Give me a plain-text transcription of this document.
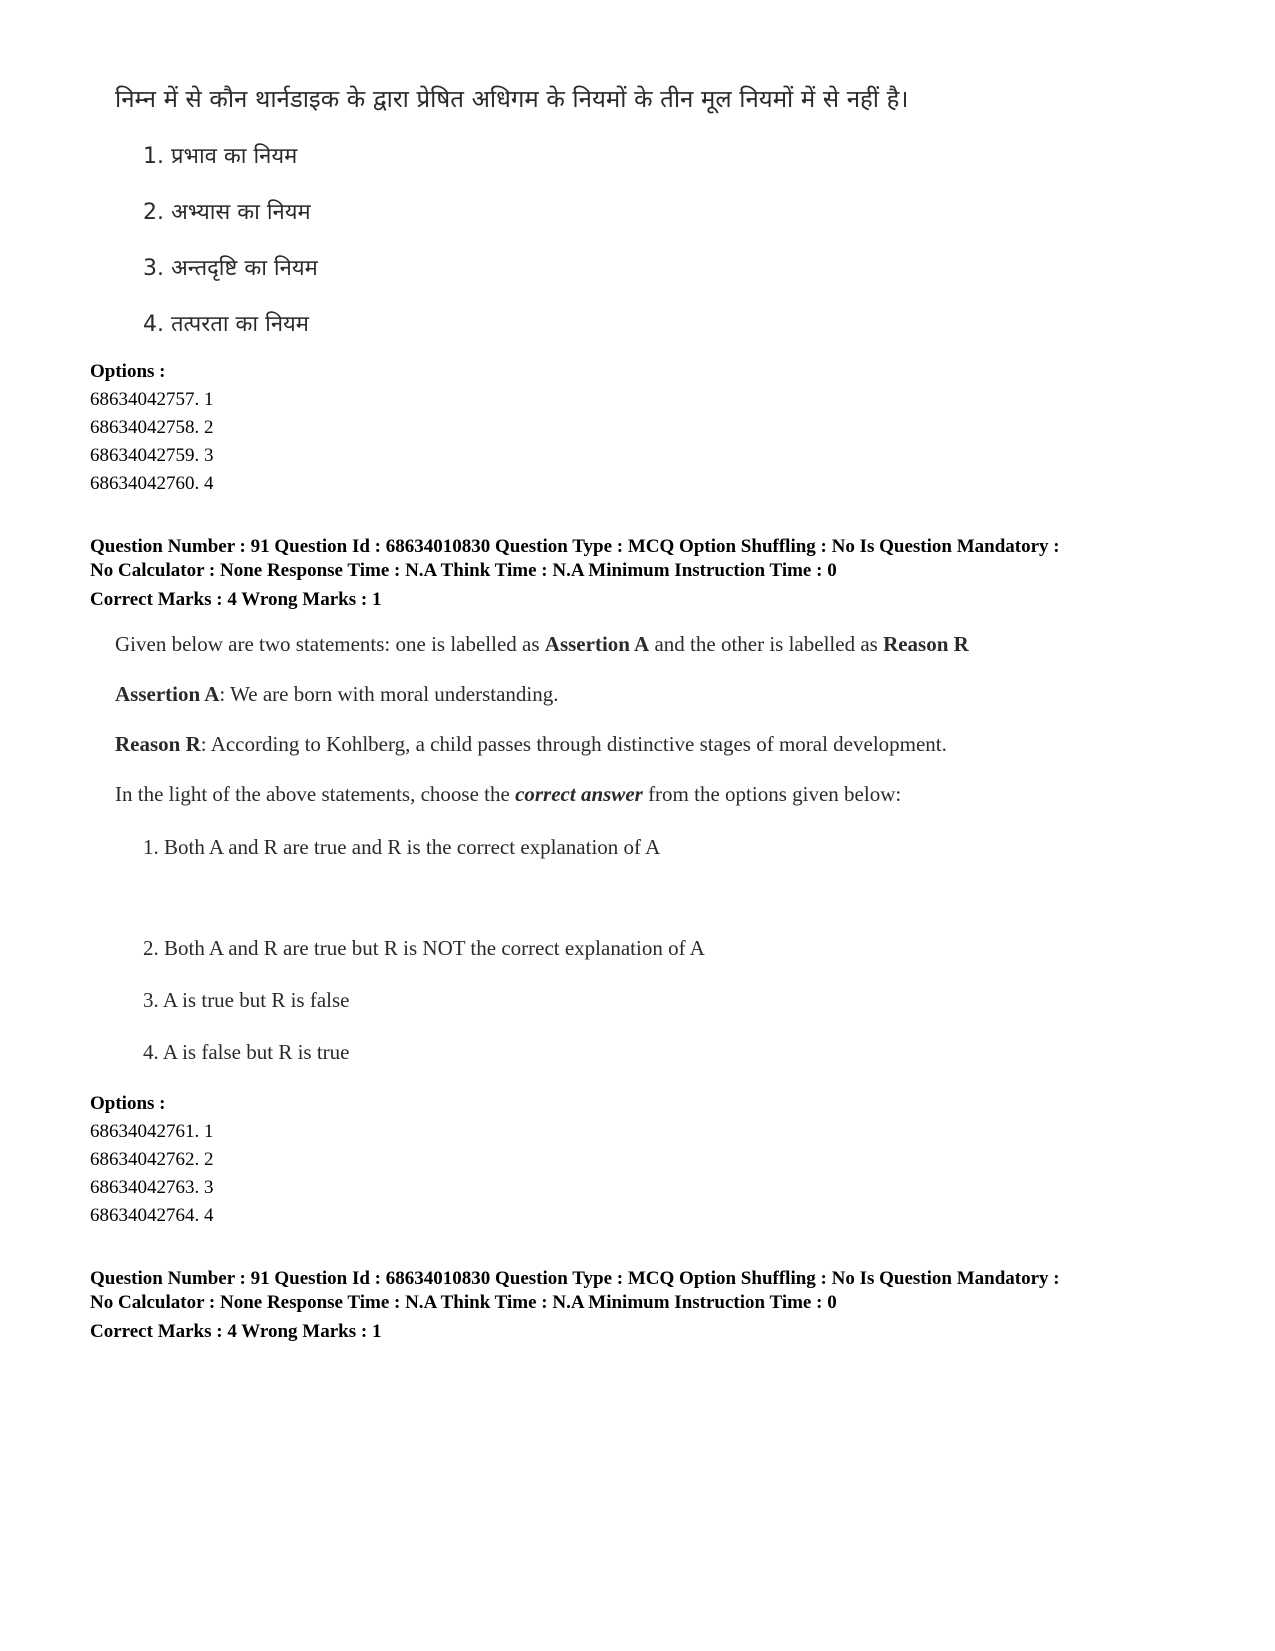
निम्न में से कौन थार्नडाइक के द्वारा प्रेषित अधिगम के नियमों के तीन मूल नियमों में से नहीं है।

1. प्रभाव का नियम

2. अभ्यास का नियम

3. अन्तदृष्टि का नियम

4. तत्परता का नियम

Options :

68634042757. 1

68634042758. 2

68634042759. 3

68634042760. 4

Question Number : 91 Question Id : 68634010830 Question Type : MCQ Option Shuffling : No Is Question Mandatory :
No Calculator : None Response Time : N.A Think Time : N.A Minimum Instruction Time : 0

Correct Marks : 4 Wrong Marks : 1

Given below are two statements: one is labelled as Assertion A and the other is labelled as Reason R

Assertion A: We are born with moral understanding.

Reason R: According to Kohlberg, a child passes through distinctive stages of moral development.

In the light of the above statements, choose the correct answer from the options given below:

1. Both A and R are true and R is the correct explanation of A

2. Both A and R are true but R is NOT the correct explanation of A

3. A is true but R is false

4. A is false but R is true

Options :

68634042761. 1

68634042762. 2

68634042763. 3

68634042764. 4

Question Number : 91 Question Id : 68634010830 Question Type : MCQ Option Shuffling : No Is Question Mandatory :
No Calculator : None Response Time : N.A Think Time : N.A Minimum Instruction Time : 0

Correct Marks : 4 Wrong Marks : 1
